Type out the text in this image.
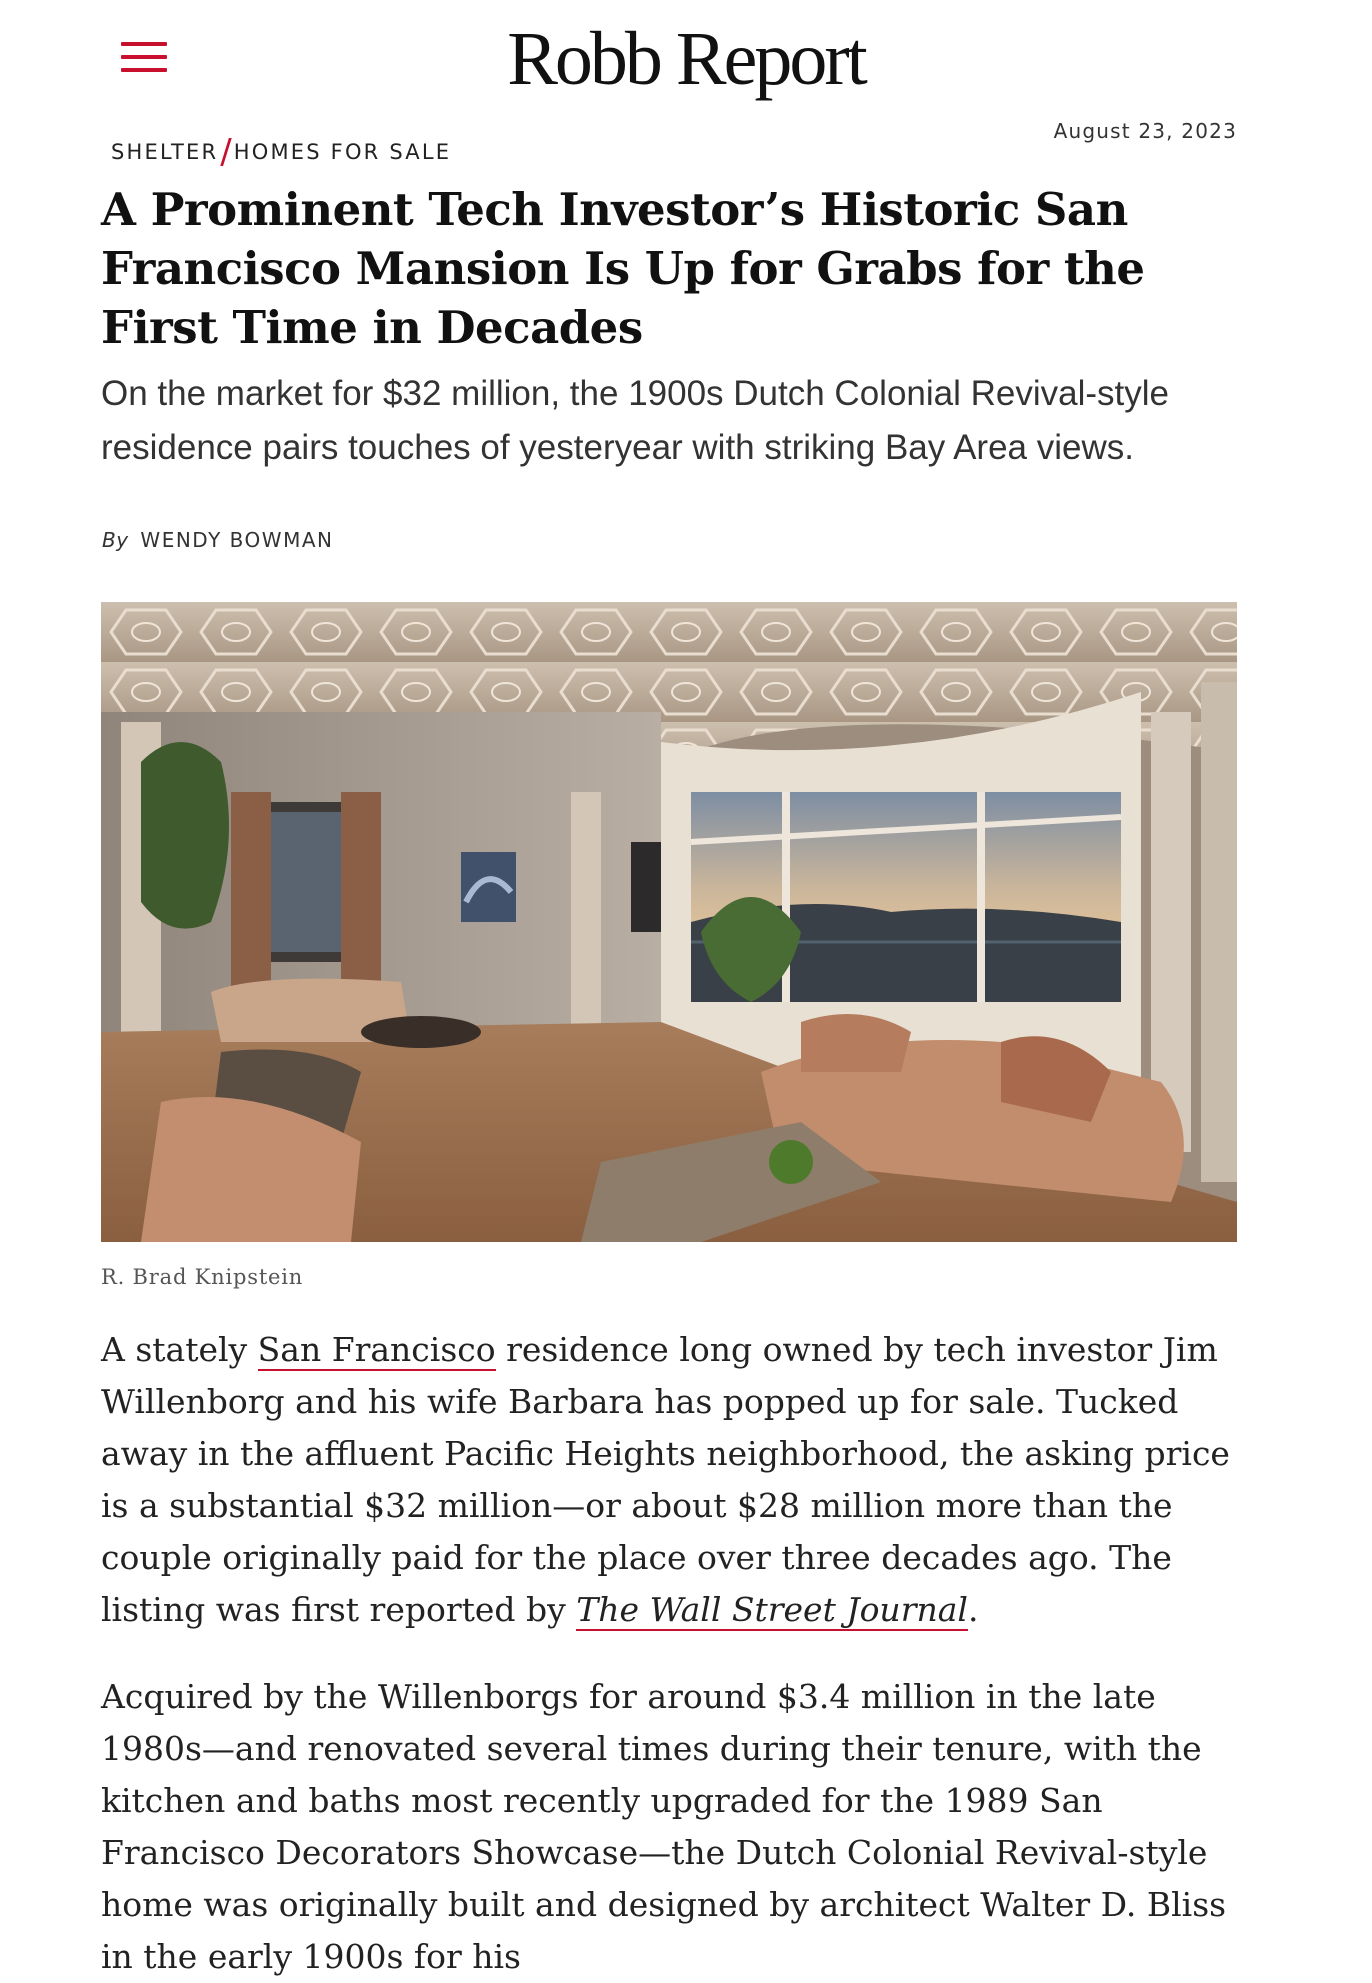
Robb Report
SHELTER/HOMES FOR SALE
August 23, 2023
A Prominent Tech Investor’s Historic San Francisco Mansion Is Up for Grabs for the First Time in Decades

On the market for $32 million, the 1900s Dutch Colonial Revival-style residence pairs touches of yesteryear with striking Bay Area views.

By WENDY BOWMAN
R. Brad Knipstein

A stately San Francisco residence long owned by tech investor Jim Willenborg and his wife Barbara has popped up for sale. Tucked away in the affluent Pacific Heights neighborhood, the asking price is a substantial $32 million—or about $28 million more than the couple originally paid for the place over three decades ago. The listing was first reported by The Wall Street Journal.

Acquired by the Willenborgs for around $3.4 million in the late 1980s—and renovated several times during their tenure, with the kitchen and baths most recently upgraded for the 1989 San Francisco Decorators Showcase—the Dutch Colonial Revival-style home was originally built and designed by architect Walter D. Bliss in the early 1900s for his
